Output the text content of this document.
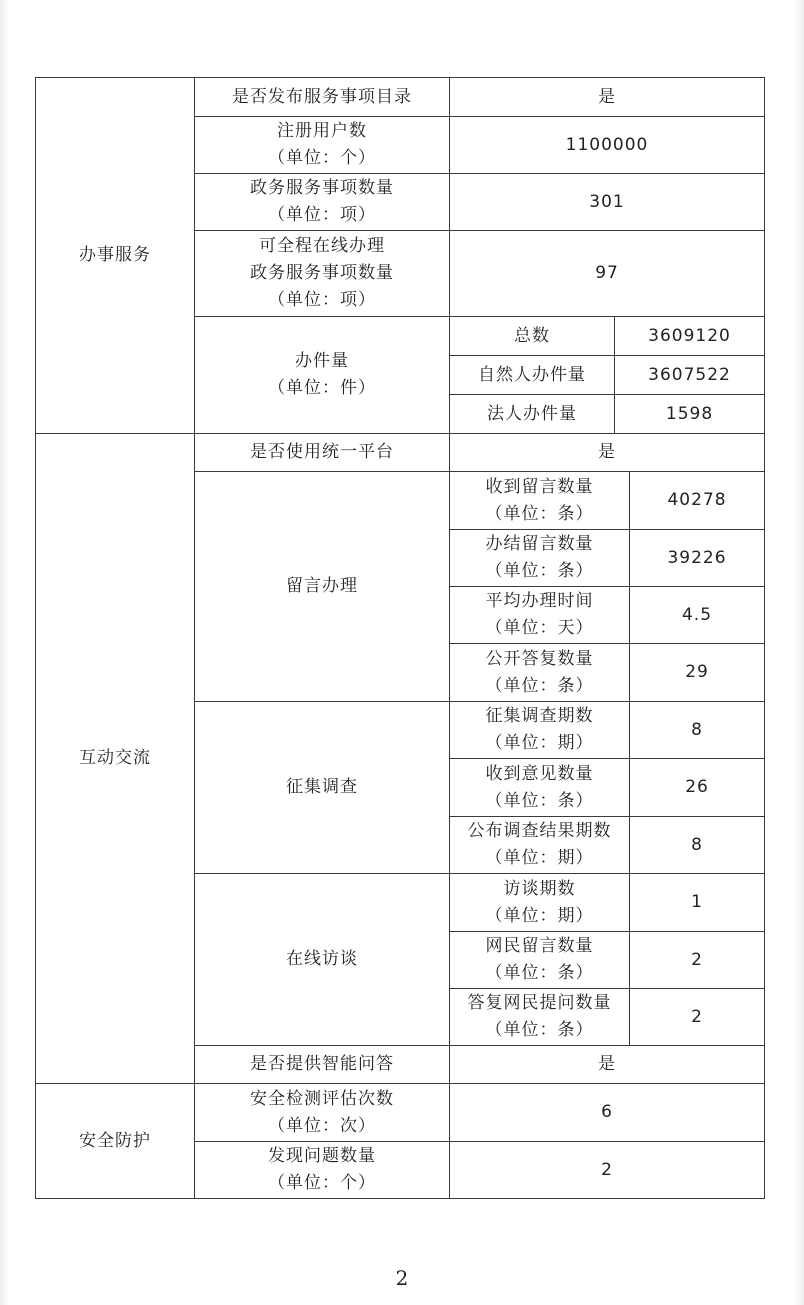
办事服务	是否发布服务事项目录	是		

	注册用户数
（单位：个）	1100000		

	政务服务事项数量
（单位：项）	301		

	可全程在线办理
政务服务事项数量
（单位：项）	97		

	办件量
（单位：件）	总数	3609120	
		自然人办件量	3607522	
		法人办件量	1598	
互动交流	是否使用统一平台	是		
	留言办理	收到留言数量
（单位：条）		40278

		办结留言数量
（单位：条）		39226

		平均办理时间
（单位：天）		4.5

		公开答复数量
（单位：条）		29
	征集调查	征集调查期数
（单位：期）		8

		收到意见数量
（单位：条）		26

		公布调查结果期数
（单位：期）		8
	在线访谈	访谈期数
（单位：期）		1

		网民留言数量
（单位：条）		2

		答复网民提问数量
（单位：条）		2
	是否提供智能问答	是		
安全防护	安全检测评估次数
（单位：次）	6		

	发现问题数量
（单位：个）	2		
2
